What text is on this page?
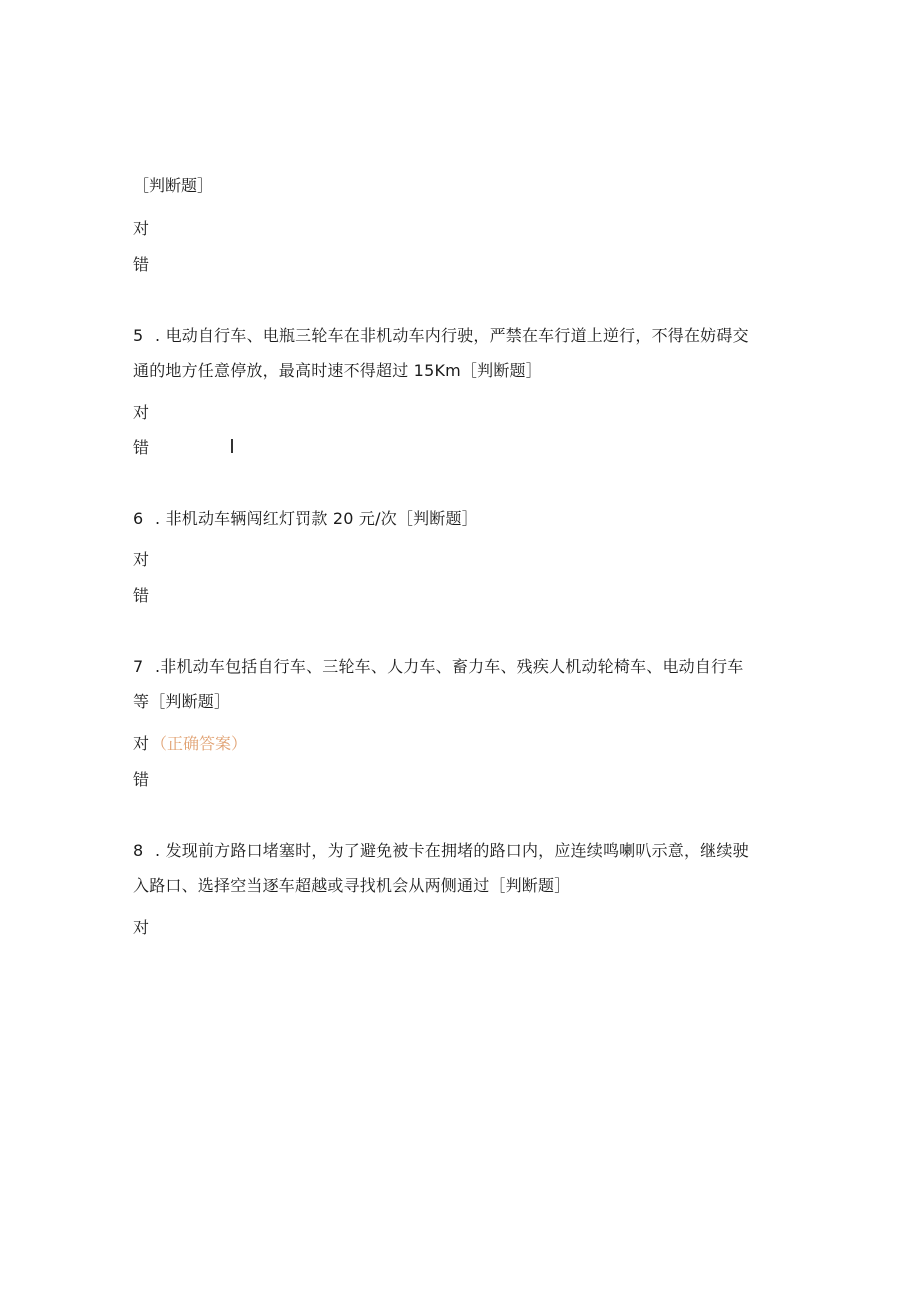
［判断题］
对
错
5 . 电动自行车、电瓶三轮车在非机动车内行驶，严禁在车行道上逆行，不得在妨碍交
通的地方任意停放，最高时速不得超过 15Km［判断题］
对
错
6 . 非机动车辆闯红灯罚款 20 元/次［判断题］
对
错
7 .非机动车包括自行车、三轮车、人力车、畜力车、残疾人机动轮椅车、电动自行车
等［判断题］
对 （正确答案）
错
8 . 发现前方路口堵塞时，为了避免被卡在拥堵的路口内，应连续鸣喇叭示意，继续驶
入路口、选择空当逐车超越或寻找机会从两侧通过［判断题］
对
